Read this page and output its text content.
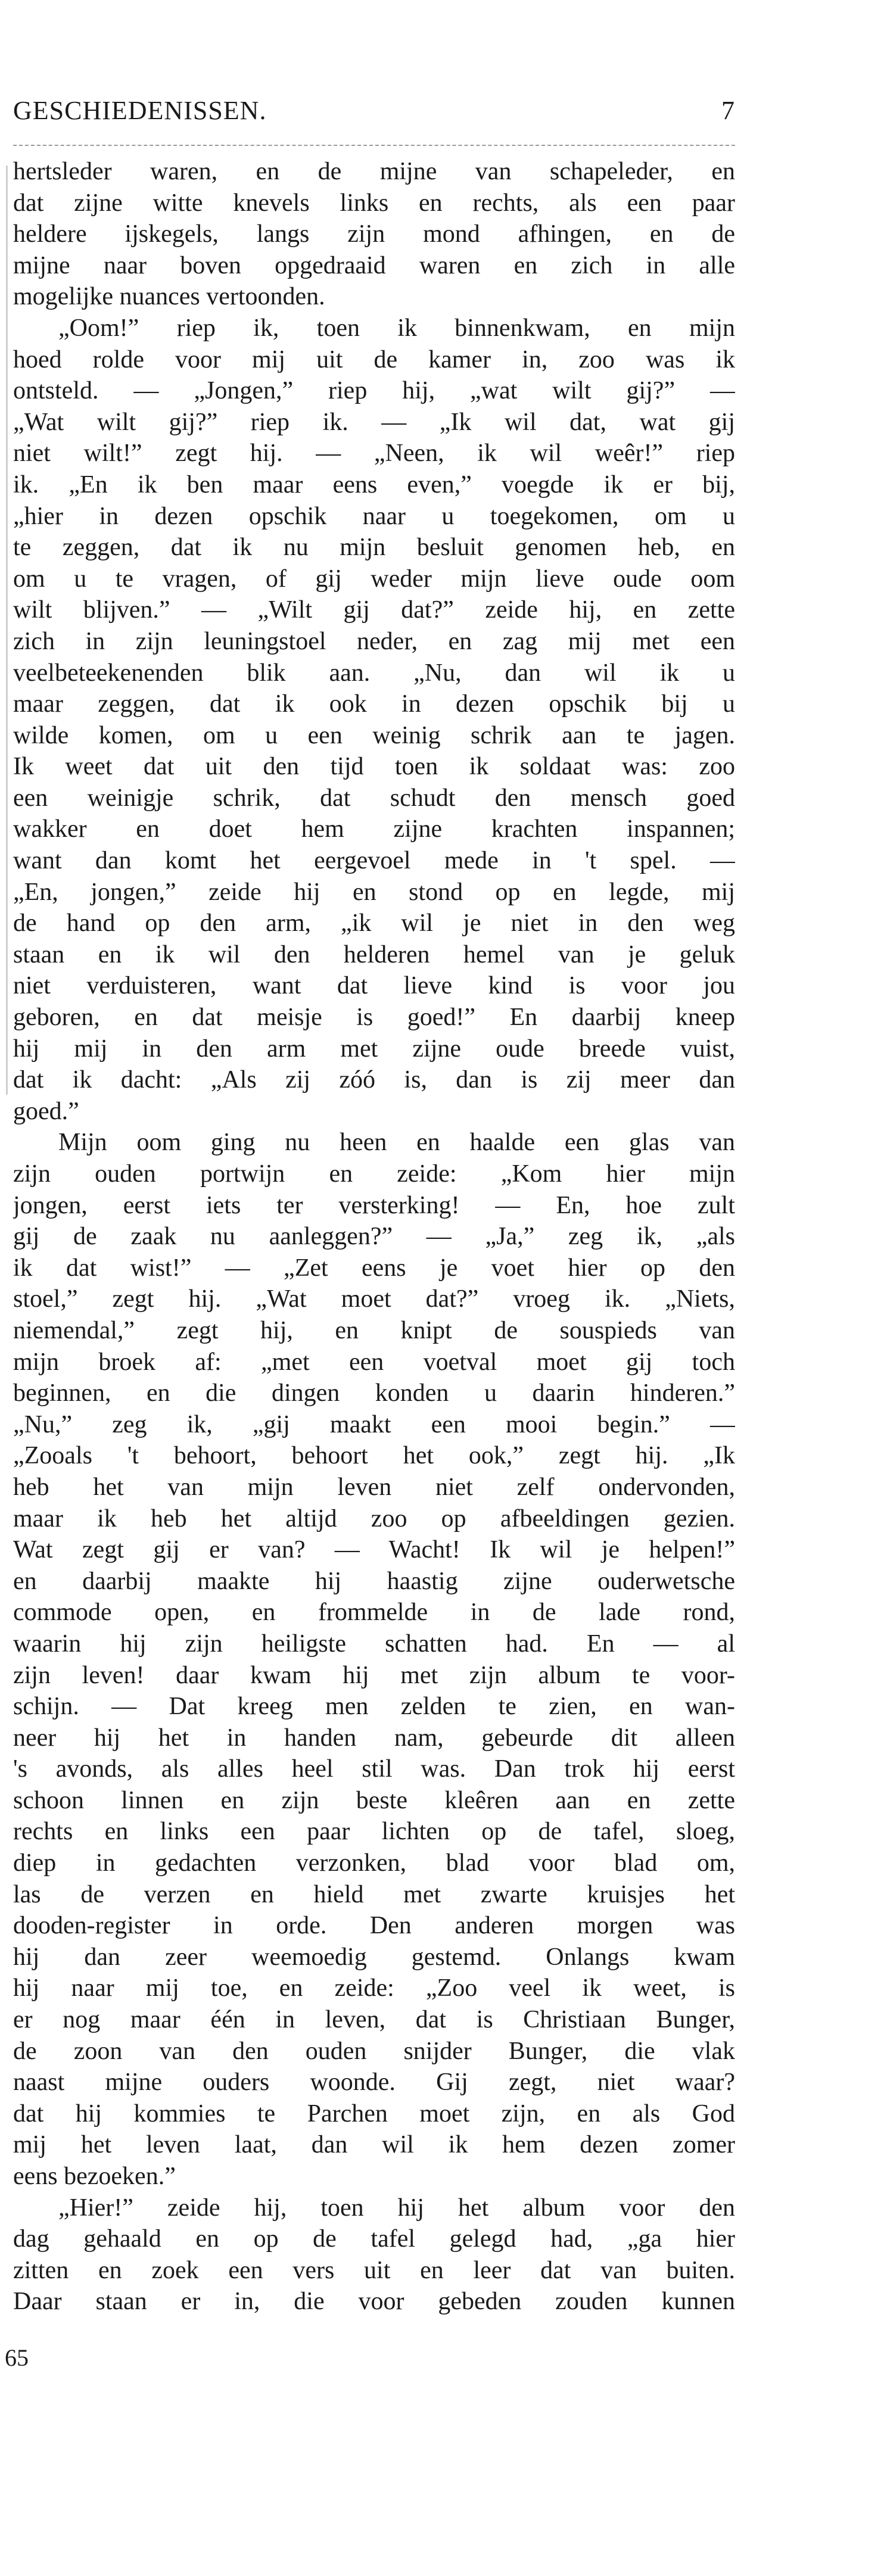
GESCHIEDENISSEN.	7
hertsleder waren, en de mijne van schapeleder, en
dat zijne witte knevels links en rechts, als een paar
heldere ijskegels, langs zijn mond afhingen, en de
mijne naar boven opgedraaid waren en zich in alle
mogelijke nuances vertoonden.
„Oom!” riep ik, toen ik binnenkwam, en mijn
hoed rolde voor mij uit de kamer in, zoo was ik
ontsteld. — „Jongen,” riep hij, „wat wilt gij?” —
„Wat wilt gij?” riep ik. — „Ik wil dat, wat gij
niet wilt!” zegt hij. — „Neen, ik wil weêr!” riep
ik. „En ik ben maar eens even,” voegde ik er bij,
„hier in dezen opschik naar u toegekomen, om u
te zeggen, dat ik nu mijn besluit genomen heb, en
om u te vragen, of gij weder mijn lieve oude oom
wilt blijven.” — „Wilt gij dat?” zeide hij, en zette
zich in zijn leuningstoel neder, en zag mij met een
veelbeteekenenden blik aan. „Nu, dan wil ik u
maar zeggen, dat ik ook in dezen opschik bij u
wilde komen, om u een weinig schrik aan te jagen.
Ik weet dat uit den tijd toen ik soldaat was: zoo
een weinigje schrik, dat schudt den mensch goed
wakker en doet hem zijne krachten inspannen;
want dan komt het eergevoel mede in 't spel. —
„En, jongen,” zeide hij en stond op en legde, mij
de hand op den arm, „ik wil je niet in den weg
staan en ik wil den helderen hemel van je geluk
niet verduisteren, want dat lieve kind is voor jou
geboren, en dat meisje is goed!” En daarbij kneep
hij mij in den arm met zijne oude breede vuist,
dat ik dacht: „Als zij zóó is, dan is zij meer dan
goed.”
Mijn oom ging nu heen en haalde een glas van
zijn ouden portwijn en zeide: „Kom hier mijn
jongen, eerst iets ter versterking! — En, hoe zult
gij de zaak nu aanleggen?” — „Ja,” zeg ik, „als
ik dat wist!” — „Zet eens je voet hier op den
stoel,” zegt hij. „Wat moet dat?” vroeg ik. „Niets,
niemendal,” zegt hij, en knipt de souspieds van
mijn broek af: „met een voetval moet gij toch
beginnen, en die dingen konden u daarin hinderen.”
„Nu,” zeg ik, „gij maakt een mooi begin.” —
„Zooals 't behoort, behoort het ook,” zegt hij. „Ik
heb het van mijn leven niet zelf ondervonden,
maar ik heb het altijd zoo op afbeeldingen gezien.
Wat zegt gij er van? — Wacht! Ik wil je helpen!”
en daarbij maakte hij haastig zijne ouderwetsche
commode open, en frommelde in de lade rond,
waarin hij zijn heiligste schatten had. En — al
zijn leven! daar kwam hij met zijn album te voor-
schijn. — Dat kreeg men zelden te zien, en wan-
neer hij het in handen nam, gebeurde dit alleen
's avonds, als alles heel stil was. Dan trok hij eerst
schoon linnen en zijn beste kleêren aan en zette
rechts en links een paar lichten op de tafel, sloeg,
diep in gedachten verzonken, blad voor blad om,
las de verzen en hield met zwarte kruisjes het
dooden-register in orde. Den anderen morgen was
hij dan zeer weemoedig gestemd. Onlangs kwam
hij naar mij toe, en zeide: „Zoo veel ik weet, is
er nog maar één in leven, dat is Christiaan Bunger,
de zoon van den ouden snijder Bunger, die vlak
naast mijne ouders woonde. Gij zegt, niet waar?
dat hij kommies te Parchen moet zijn, en als God
mij het leven laat, dan wil ik hem dezen zomer
eens bezoeken.”
„Hier!” zeide hij, toen hij het album voor den
dag gehaald en op de tafel gelegd had, „ga hier
zitten en zoek een vers uit en leer dat van buiten.
Daar staan er in, die voor gebeden zouden kunnen
65
